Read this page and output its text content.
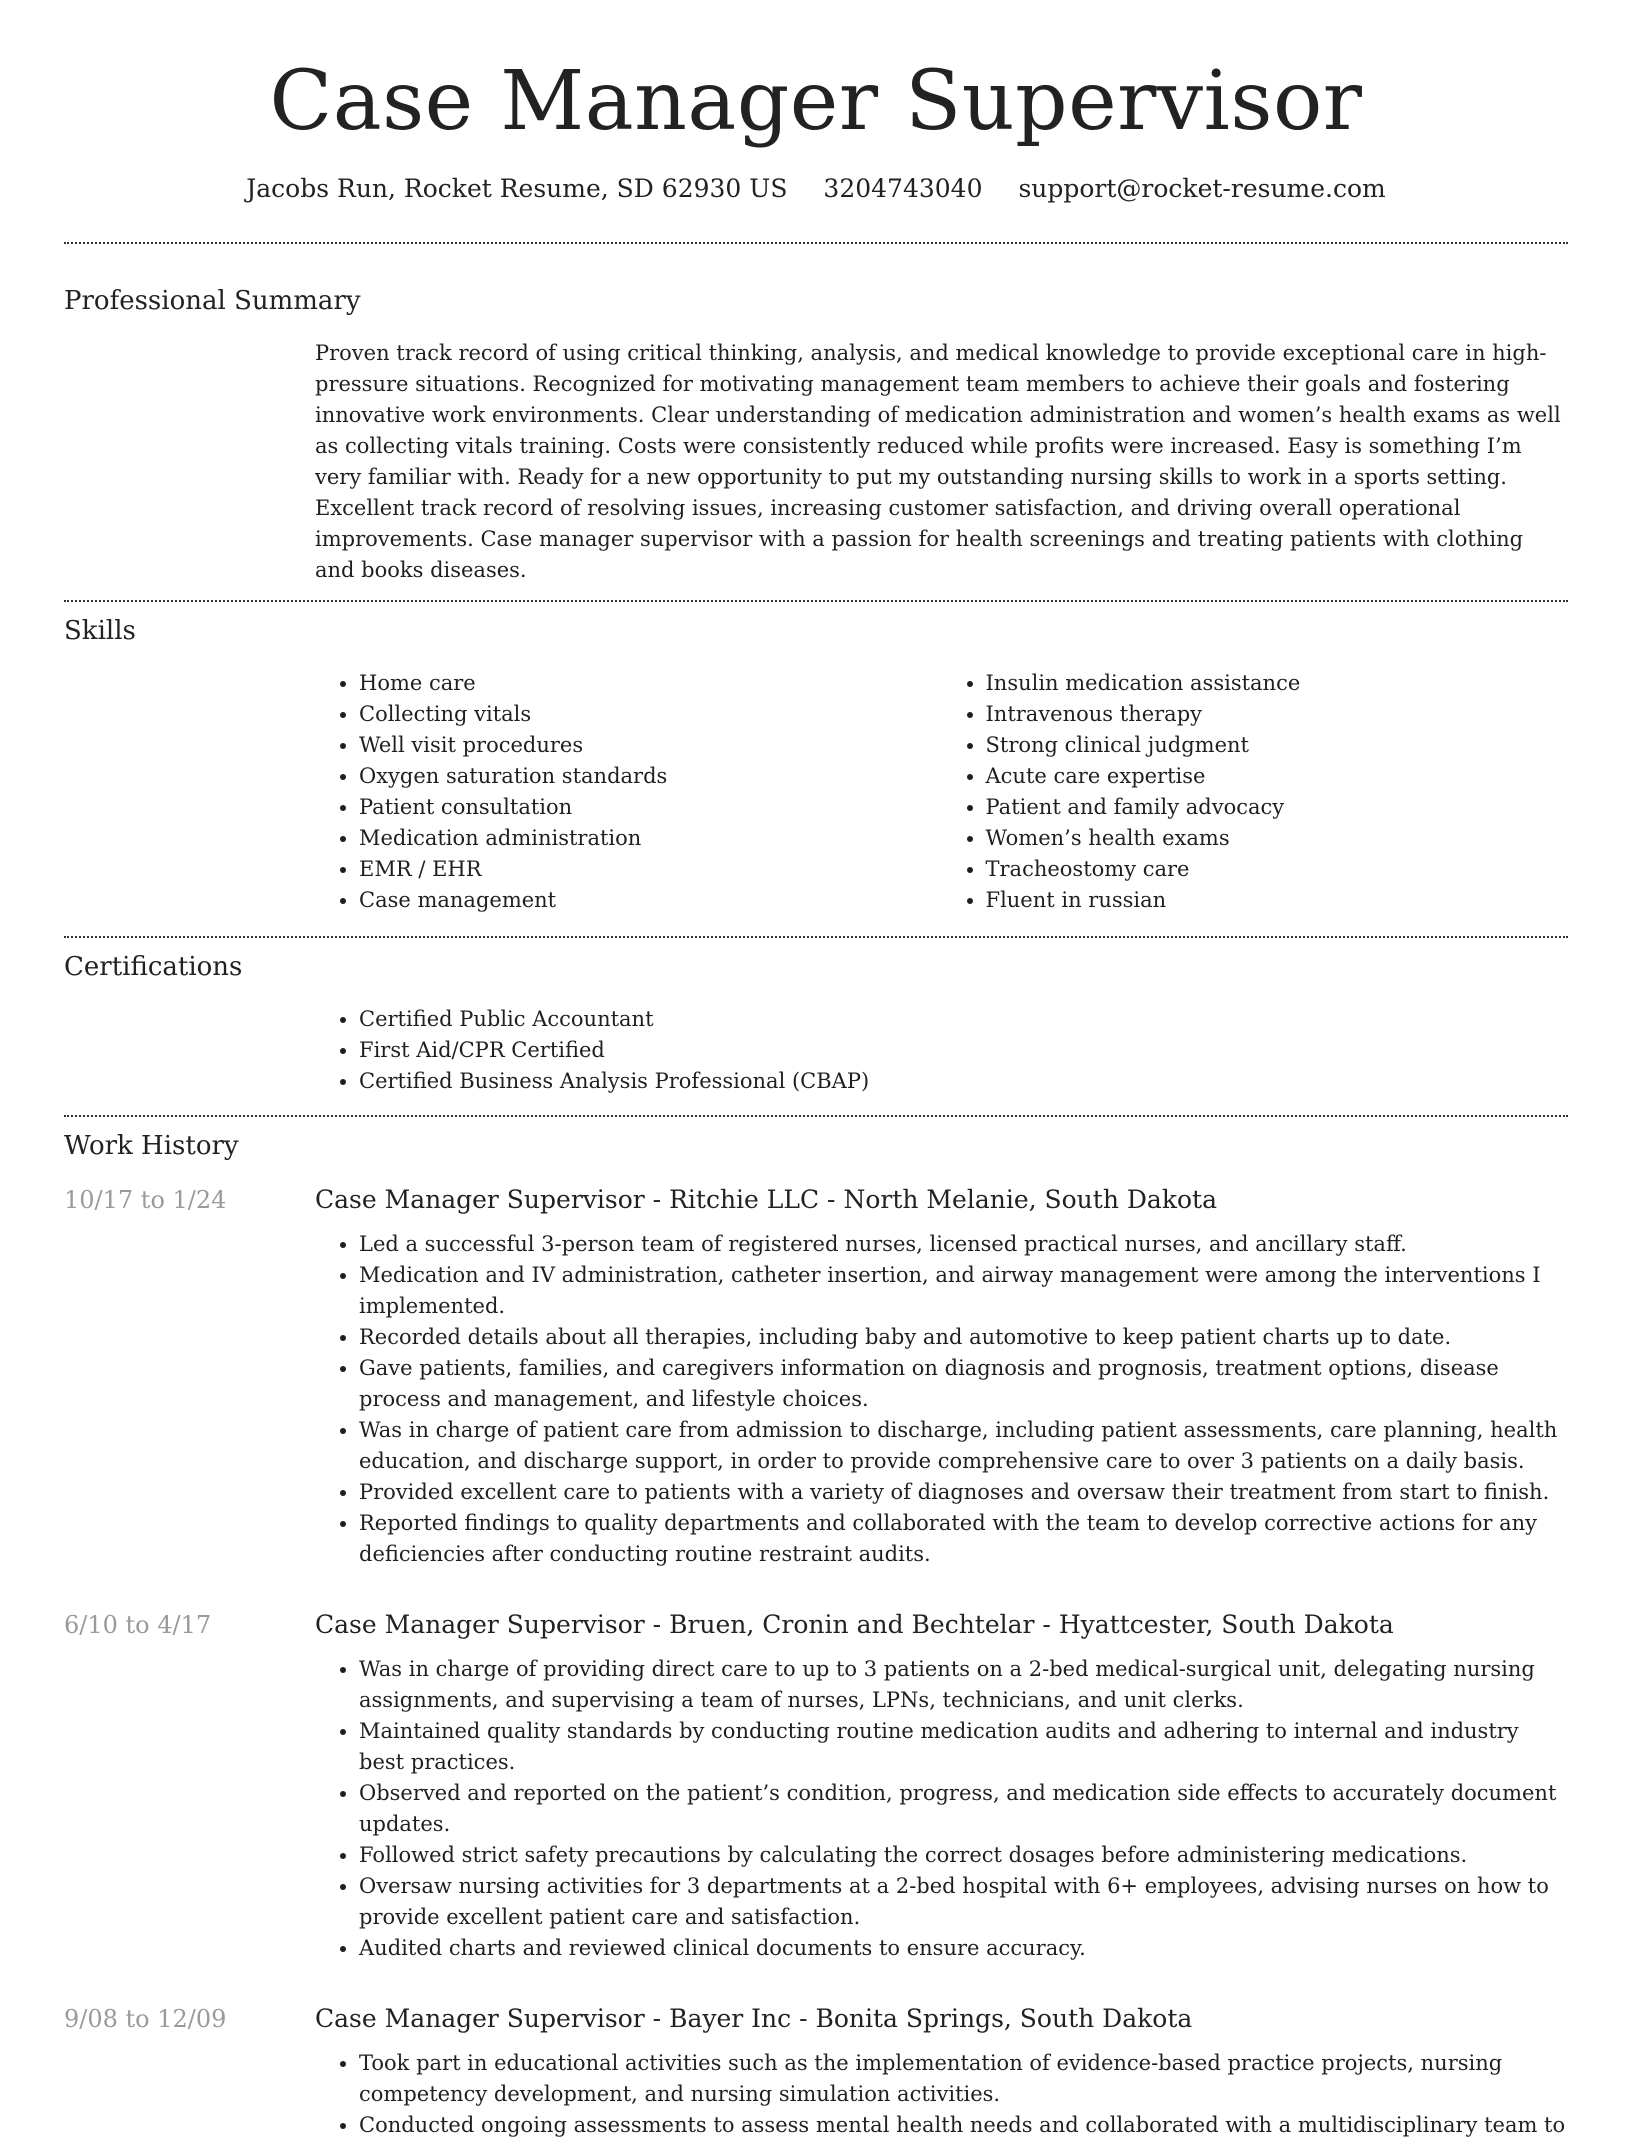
Case Manager Supervisor
Jacobs Run, Rocket Resume, SD 62930 US 3204743040 support@rocket-resume.com
Professional Summary

Proven track record of using critical thinking, analysis, and medical knowledge to provide exceptional care in high-pressure situations. Recognized for motivating management team members to achieve their goals and fostering innovative work environments. Clear understanding of medication administration and women’s health exams as well as collecting vitals training. Costs were consistently reduced while profits were increased. Easy is something I’m very familiar with. Ready for a new opportunity to put my outstanding nursing skills to work in a sports setting. Excellent track record of resolving issues, increasing customer satisfaction, and driving overall operational improvements. Case manager supervisor with a passion for health screenings and treating patients with clothing and books diseases.

Skills
• Home care
• Collecting vitals
• Well visit procedures
• Oxygen saturation standards
• Patient consultation
• Medication administration
• EMR / EHR
• Case management
• Insulin medication assistance
• Intravenous therapy
• Strong clinical judgment
• Acute care expertise
• Patient and family advocacy
• Women’s health exams
• Tracheostomy care
• Fluent in russian
Certifications
• Certified Public Accountant
• First Aid/CPR Certified
• Certified Business Analysis Professional (CBAP)
Work History
10/17 to 1/24	Case Manager Supervisor - Ritchie LLC - North Melanie, South Dakota
• Led a successful 3-person team of registered nurses, licensed practical nurses, and ancillary staff.
• Medication and IV administration, catheter insertion, and airway management were among the interventions I implemented.
• Recorded details about all therapies, including baby and automotive to keep patient charts up to date.
• Gave patients, families, and caregivers information on diagnosis and prognosis, treatment options, disease process and management, and lifestyle choices.
• Was in charge of patient care from admission to discharge, including patient assessments, care planning, health education, and discharge support, in order to provide comprehensive care to over 3 patients on a daily basis.
• Provided excellent care to patients with a variety of diagnoses and oversaw their treatment from start to finish.
• Reported findings to quality departments and collaborated with the team to develop corrective actions for any deficiencies after conducting routine restraint audits.
6/10 to 4/17	Case Manager Supervisor - Bruen, Cronin and Bechtelar - Hyattcester, South Dakota
• Was in charge of providing direct care to up to 3 patients on a 2-bed medical-surgical unit, delegating nursing assignments, and supervising a team of nurses, LPNs, technicians, and unit clerks.
• Maintained quality standards by conducting routine medication audits and adhering to internal and industry best practices.
• Observed and reported on the patient’s condition, progress, and medication side effects to accurately document updates.
• Followed strict safety precautions by calculating the correct dosages before administering medications.
• Oversaw nursing activities for 3 departments at a 2-bed hospital with 6+ employees, advising nurses on how to provide excellent patient care and satisfaction.
• Audited charts and reviewed clinical documents to ensure accuracy.
9/08 to 12/09	Case Manager Supervisor - Bayer Inc - Bonita Springs, South Dakota
• Took part in educational activities such as the implementation of evidence-based practice projects, nursing competency development, and nursing simulation activities.
• Conducted ongoing assessments to assess mental health needs and collaborated with a multidisciplinary team to
